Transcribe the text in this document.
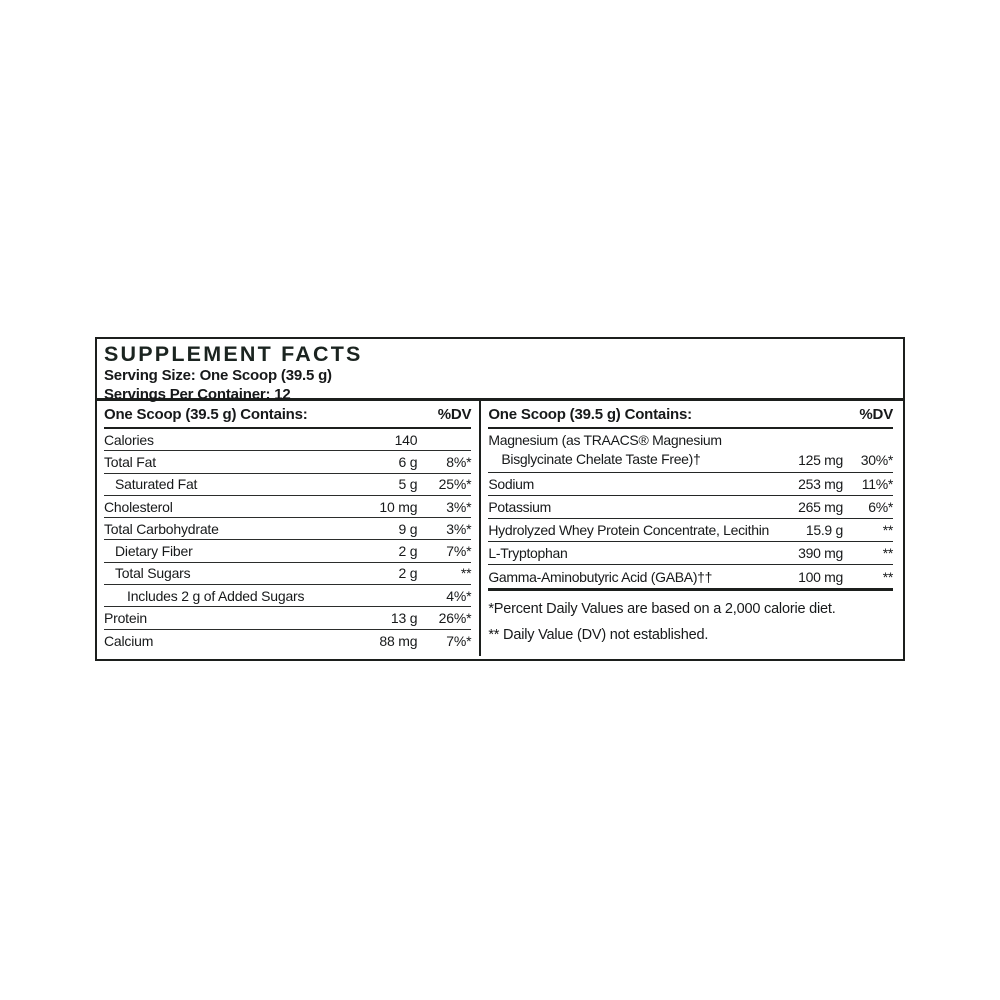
SUPPLEMENT FACTS
Serving Size: One Scoop (39.5 g)
Servings Per Container: 12
One Scoop (39.5 g) Contains:	%DV
Calories	140
Total Fat	6 g	8%*
Saturated Fat	5 g	25%*
Cholesterol	10 mg	3%*
Total Carbohydrate	9 g	3%*
Dietary Fiber	2 g	7%*
Total Sugars	2 g	**
Includes 2 g of Added Sugars	4%*
Protein	13 g	26%*
Calcium	88 mg	7%*
One Scoop (39.5 g) Contains:	%DV
Magnesium (as TRAACS® Magnesium
Bisglycinate Chelate Taste Free)†	125 mg	30%*
Sodium	253 mg	11%*
Potassium	265 mg	6%*
Hydrolyzed Whey Protein Concentrate, Lecithin	15.9 g	**
L-Tryptophan	390 mg	**
Gamma-Aminobutyric Acid (GABA)††	100 mg	**
*Percent Daily Values are based on a 2,000 calorie diet.
** Daily Value (DV) not established.
